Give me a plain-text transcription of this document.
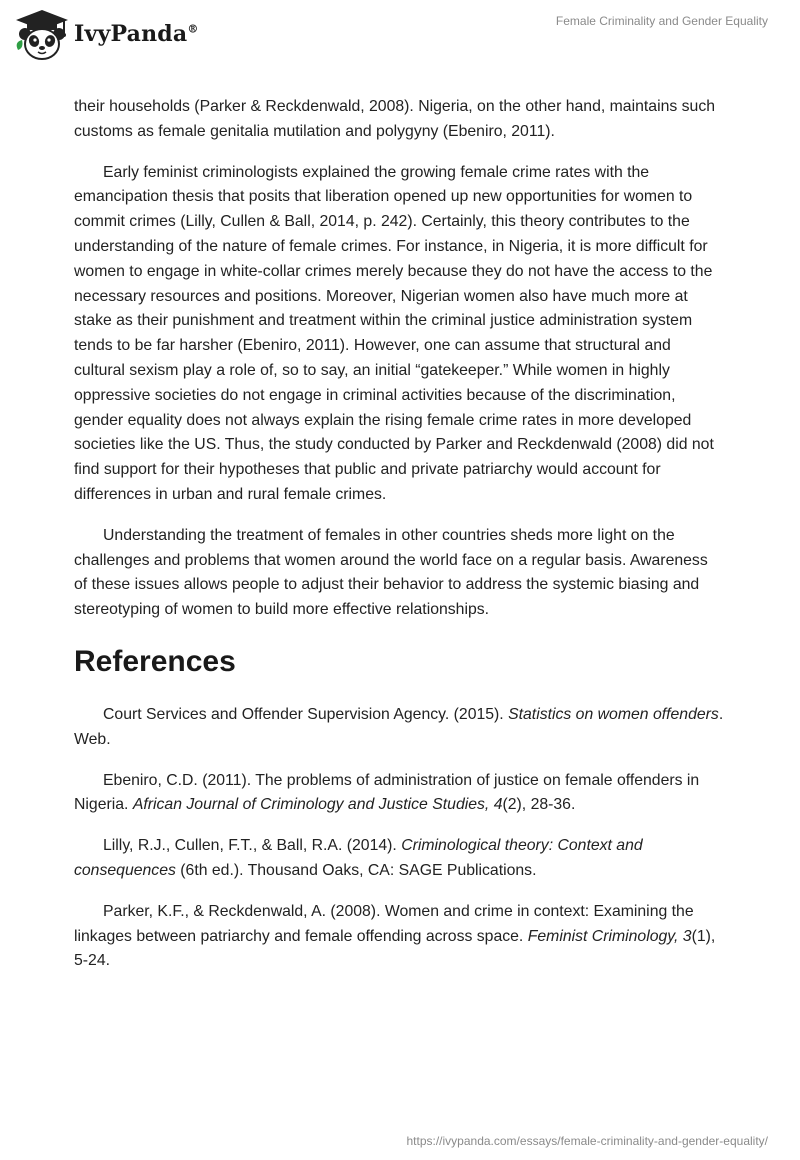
IvyPanda®
Female Criminality and Gender Equality

their households (Parker & Reckdenwald, 2008). Nigeria, on the other hand, maintains such customs as female genitalia mutilation and polygyny (Ebeniro, 2011).

Early feminist criminologists explained the growing female crime rates with the emancipation thesis that posits that liberation opened up new opportunities for women to commit crimes (Lilly, Cullen & Ball, 2014, p. 242). Certainly, this theory contributes to the understanding of the nature of female crimes. For instance, in Nigeria, it is more difficult for women to engage in white-collar crimes merely because they do not have the access to the necessary resources and positions. Moreover, Nigerian women also have much more at stake as their punishment and treatment within the criminal justice administration system tends to be far harsher (Ebeniro, 2011). However, one can assume that structural and cultural sexism play a role of, so to say, an initial “gatekeeper.” While women in highly oppressive societies do not engage in criminal activities because of the discrimination, gender equality does not always explain the rising female crime rates in more developed societies like the US. Thus, the study conducted by Parker and Reckdenwald (2008) did not find support for their hypotheses that public and private patriarchy would account for differences in urban and rural female crimes.

Understanding the treatment of females in other countries sheds more light on the challenges and problems that women around the world face on a regular basis. Awareness of these issues allows people to adjust their behavior to address the systemic biasing and stereotyping of women to build more effective relationships.

References

Court Services and Offender Supervision Agency. (2015). Statistics on women offenders. Web.

Ebeniro, C.D. (2011). The problems of administration of justice on female offenders in Nigeria. African Journal of Criminology and Justice Studies, 4(2), 28-36.

Lilly, R.J., Cullen, F.T., & Ball, R.A. (2014). Criminological theory: Context and consequences (6th ed.). Thousand Oaks, CA: SAGE Publications.

Parker, K.F., & Reckdenwald, A. (2008). Women and crime in context: Examining the linkages between patriarchy and female offending across space. Feminist Criminology, 3(1), 5-24.

https://ivypanda.com/essays/female-criminality-and-gender-equality/
